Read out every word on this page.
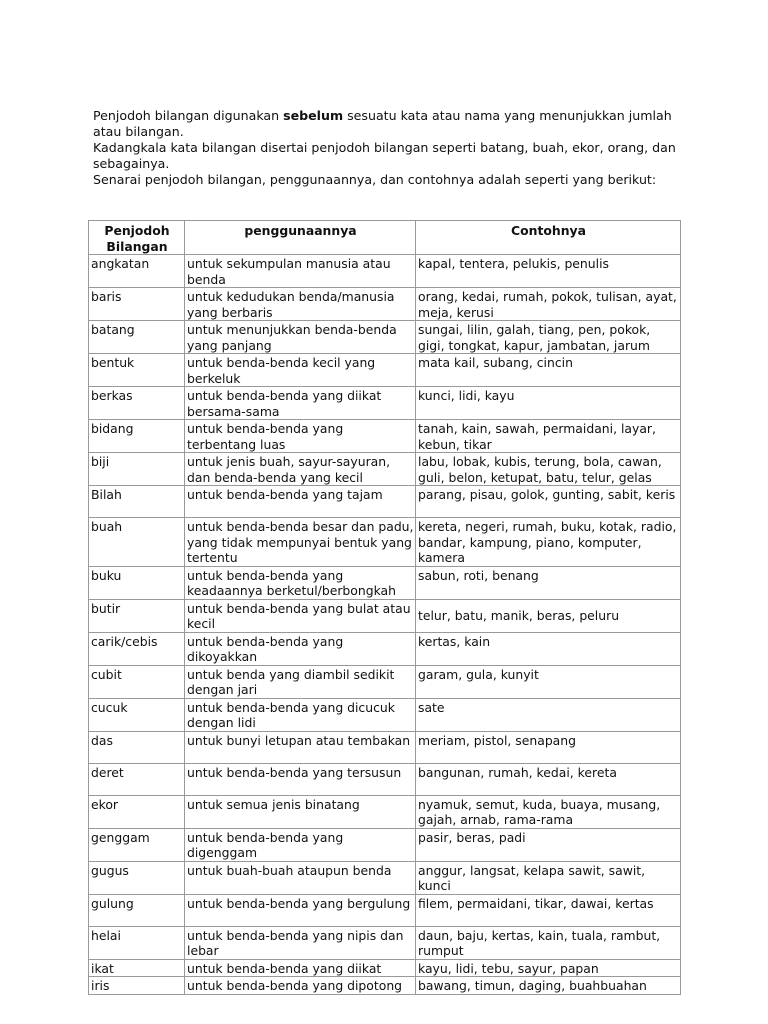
Penjodoh bilangan digunakan sebelum sesuatu kata atau nama yang menunjukkan jumlah atau bilangan.

Kadangkala kata bilangan disertai penjodoh bilangan seperti batang, buah, ekor, orang, dan sebagainya.

Senarai penjodoh bilangan, penggunaannya, dan contohnya adalah seperti yang berikut:

Penjodoh Bilangan	penggunaannya	Contohnya
angkatan	untuk sekumpulan manusia atau benda	kapal, tentera, pelukis, penulis
baris	untuk kedudukan benda/manusia yang berbaris	orang, kedai, rumah, pokok, tulisan, ayat, meja, kerusi
batang	untuk menunjukkan benda-benda yang panjang	sungai, lilin, galah, tiang, pen, pokok, gigi, tongkat, kapur, jambatan, jarum
bentuk	untuk benda-benda kecil yang berkeluk	mata kail, subang, cincin
berkas	untuk benda-benda yang diikat bersama-sama	kunci, lidi, kayu
bidang	untuk benda-benda yang terbentang luas	tanah, kain, sawah, permaidani, layar, kebun, tikar
biji	untuk jenis buah, sayur-sayuran, dan benda-benda yang kecil	labu, lobak, kubis, terung, bola, cawan, guli, belon, ketupat, batu, telur, gelas
Bilah	untuk benda-benda yang tajam	parang, pisau, golok, gunting, sabit, keris
buah	untuk benda-benda besar dan padu, yang tidak mempunyai bentuk yang tertentu	kereta, negeri, rumah, buku, kotak, radio, bandar, kampung, piano, komputer, kamera
buku	untuk benda-benda yang keadaannya berketul/berbongkah	sabun, roti, benang
butir	untuk benda-benda yang bulat atau kecil	telur, batu, manik, beras, peluru
carik/cebis	untuk benda-benda yang dikoyakkan	kertas, kain
cubit	untuk benda yang diambil sedikit dengan jari	garam, gula, kunyit
cucuk	untuk benda-benda yang dicucuk dengan lidi	sate
das	untuk bunyi letupan atau tembakan	meriam, pistol, senapang
deret	untuk benda-benda yang tersusun	bangunan, rumah, kedai, kereta
ekor	untuk semua jenis binatang	nyamuk, semut, kuda, buaya, musang, gajah, arnab, rama-rama
genggam	untuk benda-benda yang digenggam	pasir, beras, padi
gugus	untuk buah-buah ataupun benda	anggur, langsat, kelapa sawit, sawit, kunci
gulung	untuk benda-benda yang bergulung	filem, permaidani, tikar, dawai, kertas
helai	untuk benda-benda yang nipis dan lebar	daun, baju, kertas, kain, tuala, rambut, rumput
ikat	untuk benda-benda yang diikat	kayu, lidi, tebu, sayur, papan
iris	untuk benda-benda yang dipotong	bawang, timun, daging, buahbuahan
